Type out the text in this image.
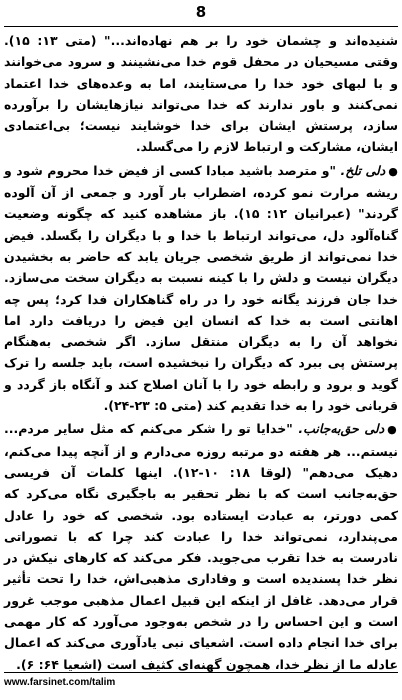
8

شنیده‌اند و چشمان خود را بر هم نهاده‌اند..." (متی ۱۳: ۱۵). وقتی مسیحیان در محفل قوم خدا می‌نشینند و سرود می‌خوانند و با لبهای خود خدا را می‌ستایند، اما به وعده‌های خدا اعتماد نمی‌کنند و باور ندارند که خدا می‌تواند نیازهایشان را برآورده سازد، پرستش ایشان برای خدا خوشایند نیست؛ بی‌اعتمادی ایشان، مشارکت و ارتباط لازم را می‌گسلد.

●دلی تلخ. "و مترصد باشید مبادا کسی از فیض خدا محروم شود و ریشه مرارت نمو کرده، اضطراب بار آورد و جمعی از آن آلوده گردند" (عبرانیان ۱۲: ۱۵). باز مشاهده کنید که چگونه وضعیت گناه‌آلود دل، می‌تواند ارتباط با خدا و با دیگران را بگسلد. فیض خدا نمی‌تواند از طریق شخصی جریان یابد که حاضر به بخشیدن دیگران نیست و دلش را با کینه نسبت به دیگران سخت می‌سازد. خدا جان فرزند یگانه خود را در راه گناهکاران فدا کرد؛ پس چه اهانتی است به خدا که انسان این فیض را دریافت دارد اما نخواهد آن را به دیگران منتقل سازد. اگر شخصی به‌هنگام پرستش پی ببرد که دیگران را نبخشیده است، باید جلسه را ترک گوید و برود و رابطه خود را با آنان اصلاح کند و آنگاه باز گردد و قربانی خود را به خدا تقدیم کند (متی ۵: ۲۳-۲۴).

●دلی حق‌به‌جانب. "خدایا تو را شکر می‌کنم که مثل سایر مردم... نیستم... هر هفته دو مرتبه روزه می‌دارم و از آنچه پیدا می‌کنم، دهیک می‌دهم" (لوقا ۱۸: ۱۰-۱۲). اینها کلمات آن فریسی حق‌به‌جانب است که با نظر تحقیر به باجگیری نگاه می‌کرد که کمی دورتر، به عبادت ایستاده بود. شخصی که خود را عادل می‌پندارد، نمی‌تواند خدا را عبادت کند چرا که با تصوراتی نادرست به خدا تقرب می‌جوید. فکر می‌کند که کارهای نیکش در نظر خدا پسندیده است و وفاداری مذهبی‌اش، خدا را تحت تأثیر قرار می‌دهد. غافل از اینکه این قبیل اعمال مذهبی موجب غرور است و این احساس را در شخص به‌وجود می‌آورد که کار مهمی برای خدا انجام داده است. اشعیای نبی یادآوری می‌کند که اعمال عادله ما از نظر خدا، همچون گهنه‌ای کثیف است (اشعیا ۶۴: ۶).

www.farsinet.com/talim
